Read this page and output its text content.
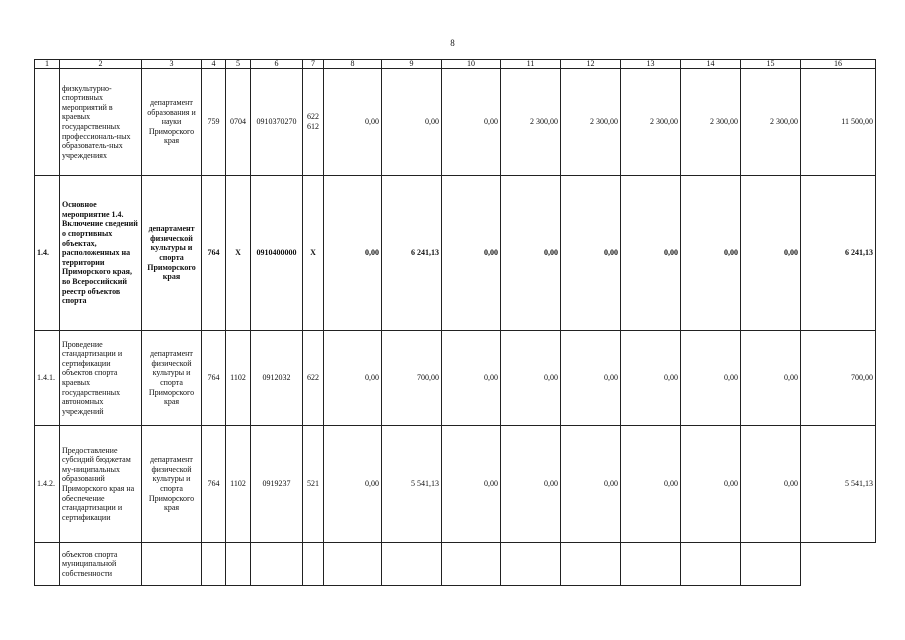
8
1	2	3	4	5	6	7	8	9	10	11	12	13	14	15	16
	физкультурно-спортивных мероприятий в краевых государственных профессиональ-ных образователь-ных учреждениях	департамент образования и науки Приморского края	759	0704	0910370270	622 612	0,00	0,00	0,00	2 300,00	2 300,00	2 300,00	2 300,00	2 300,00	11 500,00
1.4.	Основное мероприятие 1.4. Включение сведений о спортивных объектах, расположенных на территории Приморского края, во Всероссийский реестр объектов спорта	департамент физической культуры и спорта Приморского края	764	X	0910400000	X	0,00	6 241,13	0,00	0,00	0,00	0,00	0,00	0,00	6 241,13
1.4.1.	Проведение стандартизации и сертификации объектов спорта краевых государственных автономных учреждений	департамент физической культуры и спорта Приморского края	764	1102	0912032	622	0,00	700,00	0,00	0,00	0,00	0,00	0,00	0,00	700,00
1.4.2.	Предоставление субсидий бюджетам му-ниципальных образований Приморского края на обеспечение стандартизации и сертификации	департамент физической культуры и спорта Приморского края	764	1102	0919237	521	0,00	5 541,13	0,00	0,00	0,00	0,00	0,00	0,00	5 541,13
	объектов спорта муниципальной собственности														
